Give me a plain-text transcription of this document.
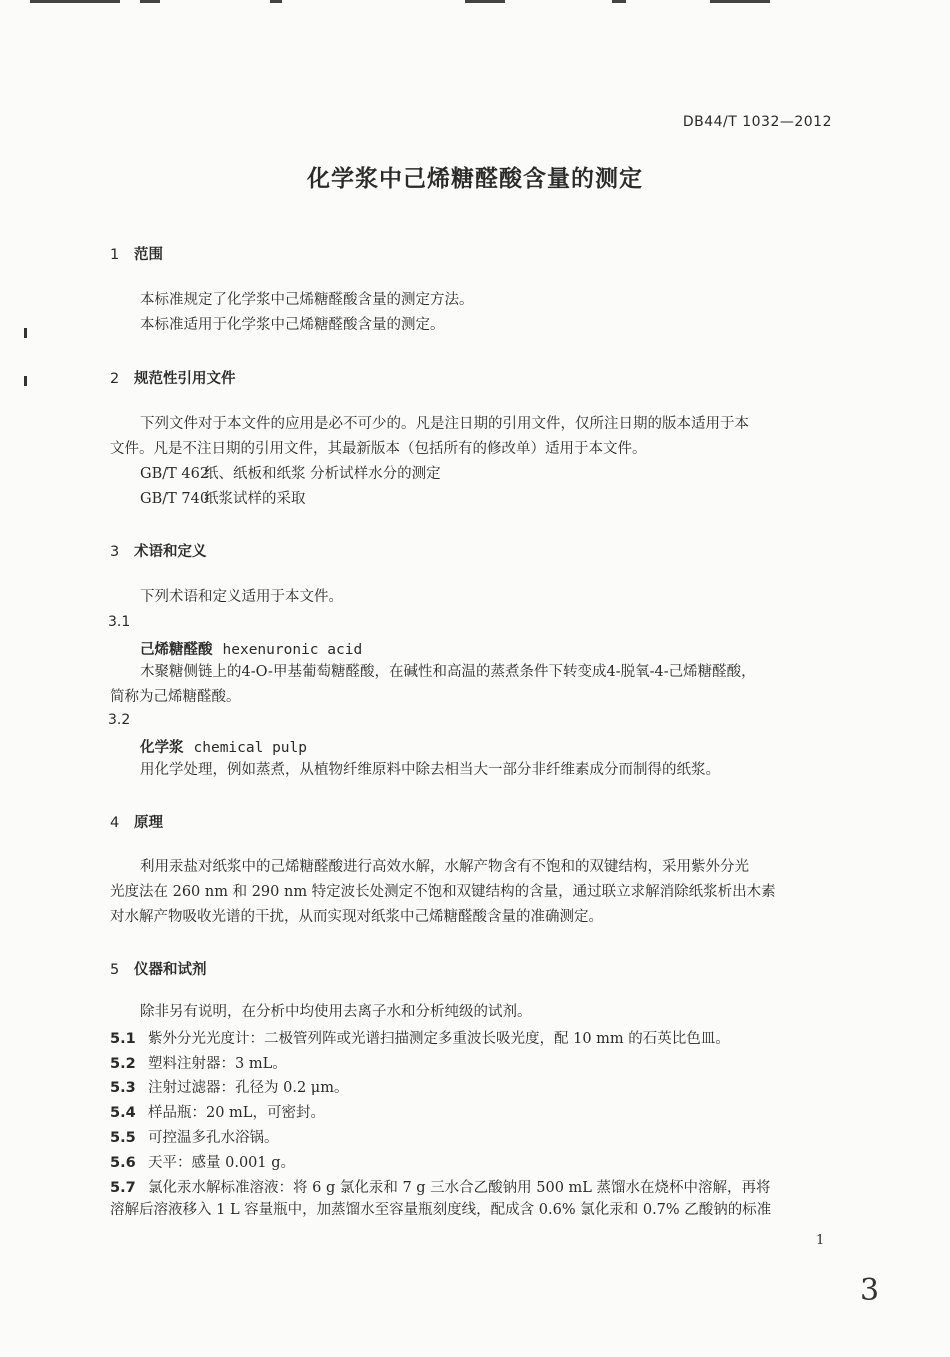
DB44/T 1032—2012
化学浆中己烯糖醛酸含量的测定
1 范围
本标准规定了化学浆中己烯糖醛酸含量的测定方法。
本标准适用于化学浆中己烯糖醛酸含量的测定。
2 规范性引用文件
下列文件对于本文件的应用是必不可少的。凡是注日期的引用文件，仅所注日期的版本适用于本
文件。凡是不注日期的引用文件，其最新版本（包括所有的修改单）适用于本文件。
GB/T 462纸、纸板和纸浆 分析试样水分的测定
GB/T 740纸浆试样的采取
3 术语和定义
下列术语和定义适用于本文件。
3.1
己烯糖醛酸 hexenuronic acid
木聚糖侧链上的4-O-甲基葡萄糖醛酸，在碱性和高温的蒸煮条件下转变成4-脱氧-4-己烯糖醛酸，
简称为己烯糖醛酸。
3.2
化学浆 chemical pulp
用化学处理，例如蒸煮，从植物纤维原料中除去相当大一部分非纤维素成分而制得的纸浆。
4 原理
利用汞盐对纸浆中的己烯糖醛酸进行高效水解，水解产物含有不饱和的双键结构，采用紫外分光
光度法在 260 nm 和 290 nm 特定波长处测定不饱和双键结构的含量，通过联立求解消除纸浆析出木素
对水解产物吸收光谱的干扰，从而实现对纸浆中己烯糖醛酸含量的准确测定。
5 仪器和试剂
除非另有说明，在分析中均使用去离子水和分析纯级的试剂。
5.1 紫外分光光度计：二极管列阵或光谱扫描测定多重波长吸光度，配 10 mm 的石英比色皿。
5.2 塑料注射器：3 mL。
5.3 注射过滤器：孔径为 0.2 μm。
5.4 样品瓶：20 mL，可密封。
5.5 可控温多孔水浴锅。
5.6 天平：感量 0.001 g。
5.7 氯化汞水解标准溶液：将 6 g 氯化汞和 7 g 三水合乙酸钠用 500 mL 蒸馏水在烧杯中溶解，再将
溶解后溶液移入 1 L 容量瓶中，加蒸馏水至容量瓶刻度线，配成含 0.6% 氯化汞和 0.7% 乙酸钠的标准
1
3
